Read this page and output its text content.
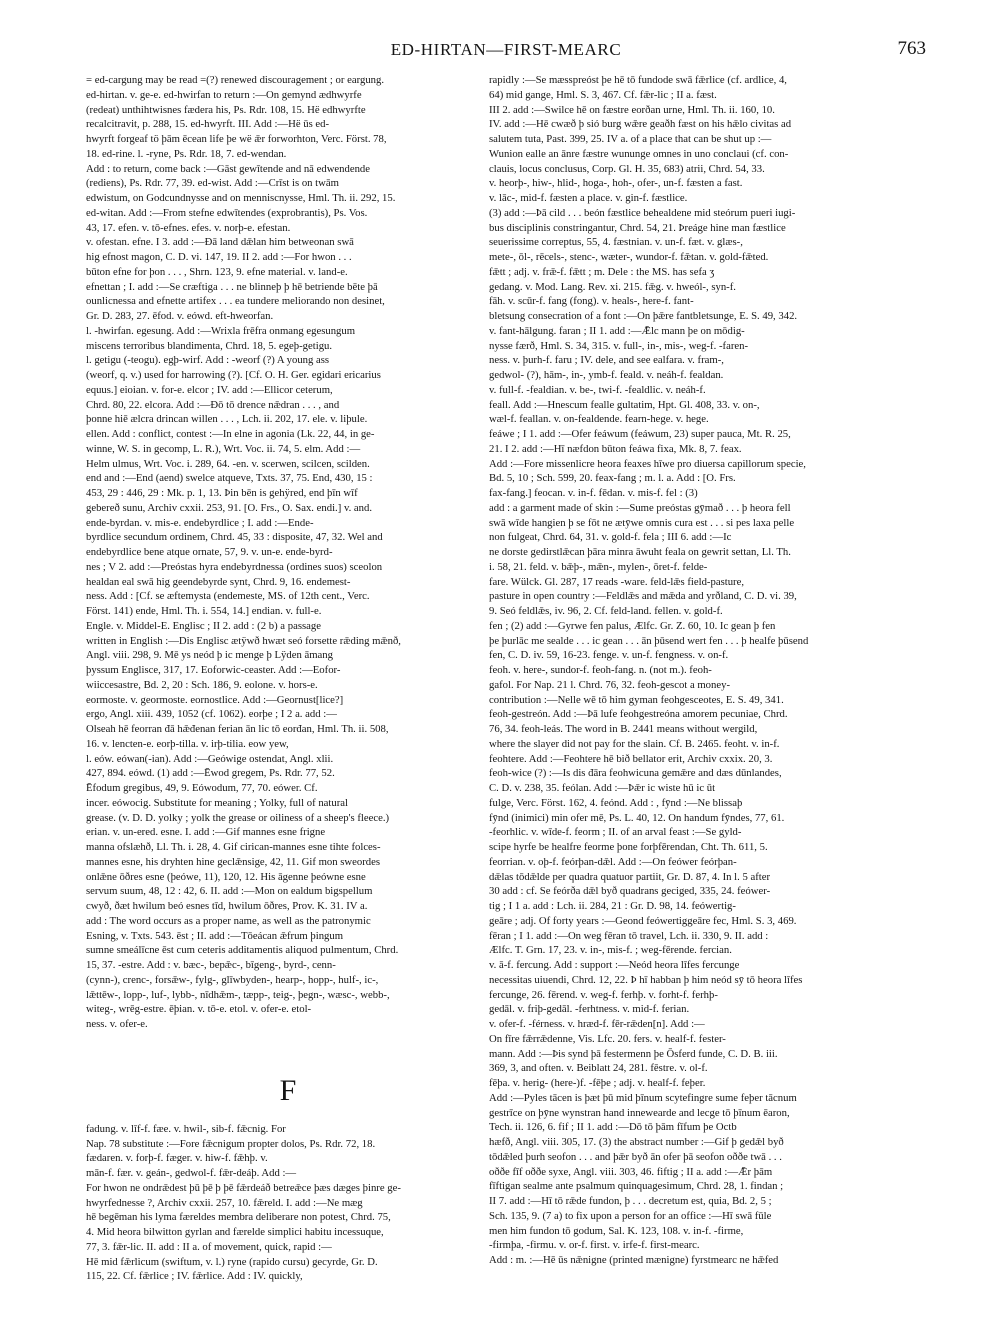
ED-HIRTAN—FIRST-MEARC	763
= ed-cargung may be read =(?) renewed discouragement ; or eargung.
ed-hirtan. v. ge-e. ed-hwirfan to return :—On gemynd ædhwyrfe
(redeat) unthihtwisnes fædera his, Ps. Rdr. 108, 15. Hë edhwyrfte
recalcitravit, p. 288, 15. ed-hwyrft. III. Add :—Hë ūs ed-
hwyrft forgeaf tö þām ēcean life þe wë ǣr forworhton, Verc. Först. 78,
18. ed-rine. l. -ryne, Ps. Rdr. 18, 7. ed-wendan.
Add : to return, come back :—Gāst gewītende and nā edwendende
(rediens), Ps. Rdr. 77, 39. ed-wist. Add :—Crīst is on twām
edwistum, on Godcundnysse and on menniscnysse, Hml. Th. ii. 292, 15.
ed-witan. Add :—From stefne edwītendes (exprobrantis), Ps. Vos.
43, 17. efen. v. tō-efnes. efes. v. norþ-e. efestan.
v. ofestan. efne. I 3. add :—Đā land dǣlan him betweonan swā
hig efnost magon, C. D. vi. 147, 19. II 2. add :—For hwon . . .
būton efne for þon . . . , Shrn. 123, 9. efne material. v. land-e.
efnettan ; I. add :—Se cræftiga . . . ne blinneþ þ hē betriende bēte þā
ounlicnessa and efnette artifex . . . ea tundere meliorando non desinet,
Gr. D. 283, 27. ēfod. v. eówd. eft-hweorfan.
l. -hwirfan. egesung. Add :—Wrixla frēfra onmang egesungum
miscens terroribus blandimenta, Chrd. 18, 5. egeþ-getigu.
l. getigu (-teogu). egþ-wirf. Add : -weorf (?) A young ass
(weorf, q. v.) used for harrowing (?). [Cf. O. H. Ger. egidari ericarius
equus.] eioian. v. for-e. elcor ; IV. add :—Ellicor ceterum,
Chrd. 80, 22. elcora. Add :—Đō tō drence nǣdran . . . , and
þonne hiē ælcra drincan willen . . . , Lch. ii. 202, 17. ele. v. liþule.
ellen. Add : conflict, contest :—In elne in agonia (Lk. 22, 44, in ge-
winne, W. S. in gecomp, L. R.), Wrt. Voc. ii. 74, 5. elm. Add :—
Helm ulmus, Wrt. Voc. i. 289, 64. -en. v. scerwen, scilcen, scilden.
end and :—End (aend) swelce atqueve, Txts. 37, 75. End, 430, 15 :
453, 29 : 446, 29 : Mk. p. 1, 13. Þin bēn is gehÿred, end þīn wīf
gebereð sunu, Archiv cxxii. 253, 91. [O. Frs., O. Sax. endi.] v. and.
ende-byrdan. v. mis-e. endebyrdlice ; I. add :—Ende-
byrdlice secundum ordinem, Chrd. 45, 33 : disposite, 47, 32. Wel and
endebyrdlice bene atque ornate, 57, 9. v. un-e. ende-byrd-
nes ; V 2. add :—Preóstas hyra endebyrdnessa (ordines suos) sceolon
healdan eal swā hig geendebyrde synt, Chrd. 9, 16. endemest-
ness. Add : [Cf. se æftemysta (endemeste, MS. of 12th cent., Verc.
Först. 141) ende, Hml. Th. i. 554, 14.] endian. v. full-e.
Engle. v. Middel-E. Englisc ; II 2. add : (2 b) a passage
written in English :—Dis Englisc ætÿwð hwæt seó forsette rǣding mǣnð,
Angl. viii. 298, 9. Mē ys neód þ ic menge þ Lÿden āmang
þyssum Englisce, 317, 17. Eoforwic-ceaster. Add :—Eofor-
wiiccesastre, Bd. 2, 20 : Sch. 186, 9. eolone. v. hors-e.
eormoste. v. geormoste. eornostlice. Add :—Geornust[lice?]
ergo, Angl. xiii. 439, 1052 (cf. 1062). eorþe ; I 2 a. add :—
Olseah hē feorran đā hǣđenan ferian ān lic tō eorđan, Hml. Th. ii. 508,
16. v. lencten-e. eorþ-tilla. v. irþ-tilia. eow yew,
l. eów. eówan(-ian). Add :—Geówige ostendat, Angl. xlii.
427, 894. eówd. (1) add :—Ēwod gregem, Ps. Rdr. 77, 52.
Ēfodum gregibus, 49, 9. Eówodum, 77, 70. eówer. Cf.
incer. eówocig. Substitute for meaning ; Yolky, full of natural
grease. (v. D. D. yolky ; yolk the grease or oiliness of a sheep's fleece.)
erian. v. un-ered. esne. I. add :—Gif mannes esne frigne
manna ofslæhð, Ll. Th. i. 28, 4. Gif cirican-mannes esne tihte folces-
mannes esne, his dryhten hine geclǣnsige, 42, 11. Gif mon sweordes
onlǣne ōðres esne (þeówe, 11), 120, 12. His āgenne þeówne esne
servum suum, 48, 12 : 42, 6. II. add :—Mon on ealdum bigspellum
cwyð, ðæt hwilum beó esnes tīd, hwilum ōðres, Prov. K. 31. IV a.
add : The word occurs as a proper name, as well as the patronymic
Esning, v. Txts. 543. ēst ; II. add :—Tōeácan ǣfrum þingum
sumne smeálīcne ēst cum ceteris additamentis aliquod pulmentum, Chrd.
15, 37. -estre. Add : v. bæc-, bepǣc-, bīgeng-, byrd-, cenn-
(cynn-), crenc-, forsǣw-, fylg-, glīwbyden-, hearp-, hopp-, hulf-, ic-,
lǣttēw-, lopp-, luf-, lybb-, nīdhǣm-, tæpp-, teig-, þegn-, wæsc-, webb-,
witeg-, wrēg-estre. ēþian. v. tō-e. etol. v. ofer-e. etol-
ness. v. ofer-e.
F
fadung. v. līf-f. fæe. v. hwil-, sib-f. fǣcnig. For
Nap. 78 substitute :—Fore fǣcnigum propter dolos, Ps. Rdr. 72, 18.
fædaren. v. forþ-f. fæger. v. hiw-f. fǣhþ. v.
mān-f. fær. v. geán-, gedwol-f. fǣr-deáþ. Add :—
For hwon ne ondrǣdest þū þē þ þē fǣrdeáð betreǣce þæs dæges þinre ge-
hwyrfednesse ?, Archiv cxxii. 257, 10. fǣreld. I. add :—Ne mæg
hē begēman his lyma færeldes membra deliberare non potest, Chrd. 75,
4. Mid heora bilwitton gyrlan and færelde simplici habitu incessuque,
77, 3. fǣr-lic. II. add : II a. of movement, quick, rapid :—
Hē mid fǣrlicum (swiftum, v. l.) ryne (rapido cursu) gecyrde, Gr. D.
115, 22. Cf. fǣrlice ; IV. fǣrlice. Add : IV. quickly,
rapidly :—Se mæsspreóst þe hē tō fundode swā fǣrlice (cf. ardlice, 4,
64) mid gange, Hml. S. 3, 467. Cf. fǣr-lic ; II a. fæst.
III 2. add :—Swilce hē on fæstre eorðan urne, Hml. Th. ii. 160, 10.
IV. add :—Hē cwæð þ sió burg wǣre geaðh fæst on his hǣlo civitas ad
salutem tuta, Past. 399, 25. IV a. of a place that can be shut up :—
Wunion ealle an ānre fæstre wununge omnes in uno conclaui (cf. con-
clauis, locus conclusus, Corp. Gl. H. 35, 683) atrii, Chrd. 54, 33.
v. heorþ-, hiw-, hlid-, hoga-, hoh-, ofer-, un-f. fæsten a fast.
v. lāc-, mid-f. fæsten a place. v. gin-f. fæstlice.
(3) add :—Þā cild . . . beón fæstlice behealdene mid steórum pueri iugi-
bus disciplinis constringantur, Chrd. 54, 21. Þreáge hine man fæstlice
seuerissime correptus, 55, 4. fæstnian. v. un-f. fæt. v. glæs-,
mete-, ōl-, rēcels-, stenc-, wæter-, wundor-f. fǣtan. v. gold-fǣted.
fǣtt ; adj. v. frǣ-f. fǣtt ; m. Dele : the MS. has sefa ʒ
gedang. v. Mod. Lang. Rev. xi. 215. fǣg. v. hweól-, syn-f.
fāh. v. scūr-f. fang (fong). v. heals-, here-f. fant-
bletsung consecration of a font :—On þǣre fantbletsunge, E. S. 49, 342.
v. fant-hālgung. faran ; II 1. add :—Ǣlc mann þe on mōdig-
nysse færð, Hml. S. 34, 315. v. full-, in-, mis-, weg-f. -faren-
ness. v. þurh-f. faru ; IV. dele, and see ealfara. v. fram-,
gedwol- (?), hām-, in-, ymb-f. feald. v. neáh-f. fealdan.
v. full-f. -fealdian. v. be-, twi-f. -fealdlic. v. neáh-f.
feall. Add :—Hnescum fealle gultatim, Hpt. Gl. 408, 33. v. on-,
wæl-f. feallan. v. on-fealdende. fearn-hege. v. hege.
feáwe ; I 1. add :—Ofer feáwum (feáwum, 23) super pauca, Mt. R. 25,
21. I 2. add :—Hī næfdon būton feáwa fixa, Mk. 8, 7. feax.
Add :—Fore missenlicre heora feaxes hīwe pro diuersa capillorum specie,
Bd. 5, 10 ; Sch. 599, 20. feax-fang ; m. l. a. Add : [O. Frs.
fax-fang.] feocan. v. in-f. fēdan. v. mis-f. fel : (3)
add : a garment made of skin :—Sume preóstas gȳmað . . . þ heora fell
swā wīde hangien þ se fōt ne ætȳwe omnis cura est . . . si pes laxa pelle
non fulgeat, Chrd. 64, 31. v. gold-f. fela ; III 6. add :—Ic
ne dorste gedirstlǣcan þāra minra āwuht feala on gewrit settan, Ll. Th.
i. 58, 21. feld. v. bǣþ-, mǣn-, mylen-, ōret-f. felde-
fare. Wülck. Gl. 287, 17 reads -ware. feld-lǣs field-pasture,
pasture in open country :—Feldlǣs and mǣda and yrðland, C. D. vi. 39,
9. Seó feldlǣs, iv. 96, 2. Cf. feld-land. fellen. v. gold-f.
fen ; (2) add :—Gyrwe fen palus, Ælfc. Gr. Z. 60, 10. Ic gean þ fen
þe þurlāc me sealde . . . ic gean . . . ān þūsend wert fen . . . þ healfe þūsend
fen, C. D. iv. 59, 16-23. fenge. v. un-f. fengness. v. on-f.
feoh. v. here-, sundor-f. feoh-fang. n. (not m.). feoh-
gafol. For Nap. 21 l. Chrd. 76, 32. feoh-gescot a money-
contribution :—Nelle wē tō him gyman feohgesceotes, E. S. 49, 341.
feoh-gestreón. Add :—Þā lufe feohgestreóna amorem pecuniae, Chrd.
76, 34. feoh-leás. The word in B. 2441 means without wergild,
where the slayer did not pay for the slain. Cf. B. 2465. feoht. v. in-f.
feohtere. Add :—Feohtere hē bið bellator erit, Archiv cxxix. 20, 3.
feoh-wice (?) :—Is dis đāra feohwicuna gemǣre and dæs dūnlandes,
C. D. v. 238, 35. feólan. Add :—Þǣr ic wiste hū ic ūt
fulge, Verc. Först. 162, 4. feónd. Add : , fȳnd :—Ne blissaþ
fȳnd (inimici) min ofer mē, Ps. L. 40, 12. On handum fȳndes, 77, 61.
-feorhlic. v. wīde-f. feorm ; II. of an arval feast :—Se gyld-
scipe hyrfe be healfre feorme þone forþfērendan, Cht. Th. 611, 5.
feorrian. v. oþ-f. feórþan-dǣl. Add :—On feówer feórþan-
dǣlas tōdǣlde per quadra quatuor partiit, Gr. D. 87, 4. In l. 5 after
30 add : cf. Se feórða dǣl byð quadrans geciged, 335, 24. feówer-
tig ; I 1 a. add : Lch. ii. 284, 21 : Gr. D. 98, 14. feówertig-
geāre ; adj. Of forty years :—Geond feówertiggeāre fec, Hml. S. 3, 469.
fēran ; I 1. add :—On weg fēran tō travel, Lch. ii. 330, 9. II. add :
Ælfc. T. Grn. 17, 23. v. in-, mis-f. ; weg-fērende. fercian.
v. ā-f. fercung. Add : support :—Neód heora līfes fercunge
necessitas uiuendi, Chrd. 12, 22. Þ hī habban þ him neód sȳ tō heora līfes
fercunge, 26. fērend. v. weg-f. ferhþ. v. forht-f. ferhþ-
gedāl. v. friþ-gedāl. -ferhtness. v. mid-f. ferian.
v. ofer-f. -férness. v. hræd-f. fēr-rǣden[n]. Add :—
On fīre fǣrrǣdenne, Vis. Lfc. 20. fers. v. healf-f. fester-
mann. Add :—Þis synd þā festermenn þe Ōsferd funde, C. D. B. iii.
369, 3, and often. v. Beiblatt 24, 281. fēstre. v. ol-f.
fēþa. v. herig- (here-)f. -fēþe ; adj. v. healf-f. feþer.
Add :—Pyles tācen is þæt þū mid þīnum scytefingre sume feþer tācnum
gestrīce on þȳne wynstran hand innewearde and lecge tō þīnum ēaron,
Tech. ii. 126, 6. fif ; II 1. add :—Dō tō þām fīfum þe Octb
hæfð, Angl. viii. 305, 17. (3) the abstract number :—Gif þ gedǣl byð
tōdǣled þurh seofon . . . and þǣr byð ān ofer þā seofon oððe twā . . .
oððe fīf oððe syxe, Angl. viii. 303, 46. fiftig ; II a. add :—Ǣr þām
fīftigan sealme ante psalmum quinquagesimum, Chrd. 28, 1. findan ;
II 7. add :—Hī tō rǣde fundon, þ . . . decretum est, quia, Bd. 2, 5 ;
Sch. 135, 9. (7 a) to fix upon a person for an office :—Hī swā fūle
men him fundon tō godum, Sal. K. 123, 108. v. in-f. -firme,
-firmþa, -firmu. v. or-f. first. v. irfe-f. first-mearc.
Add : m. :—Hē ūs nǣnigne (printed mænigne) fyrstmearc ne hǣfed
